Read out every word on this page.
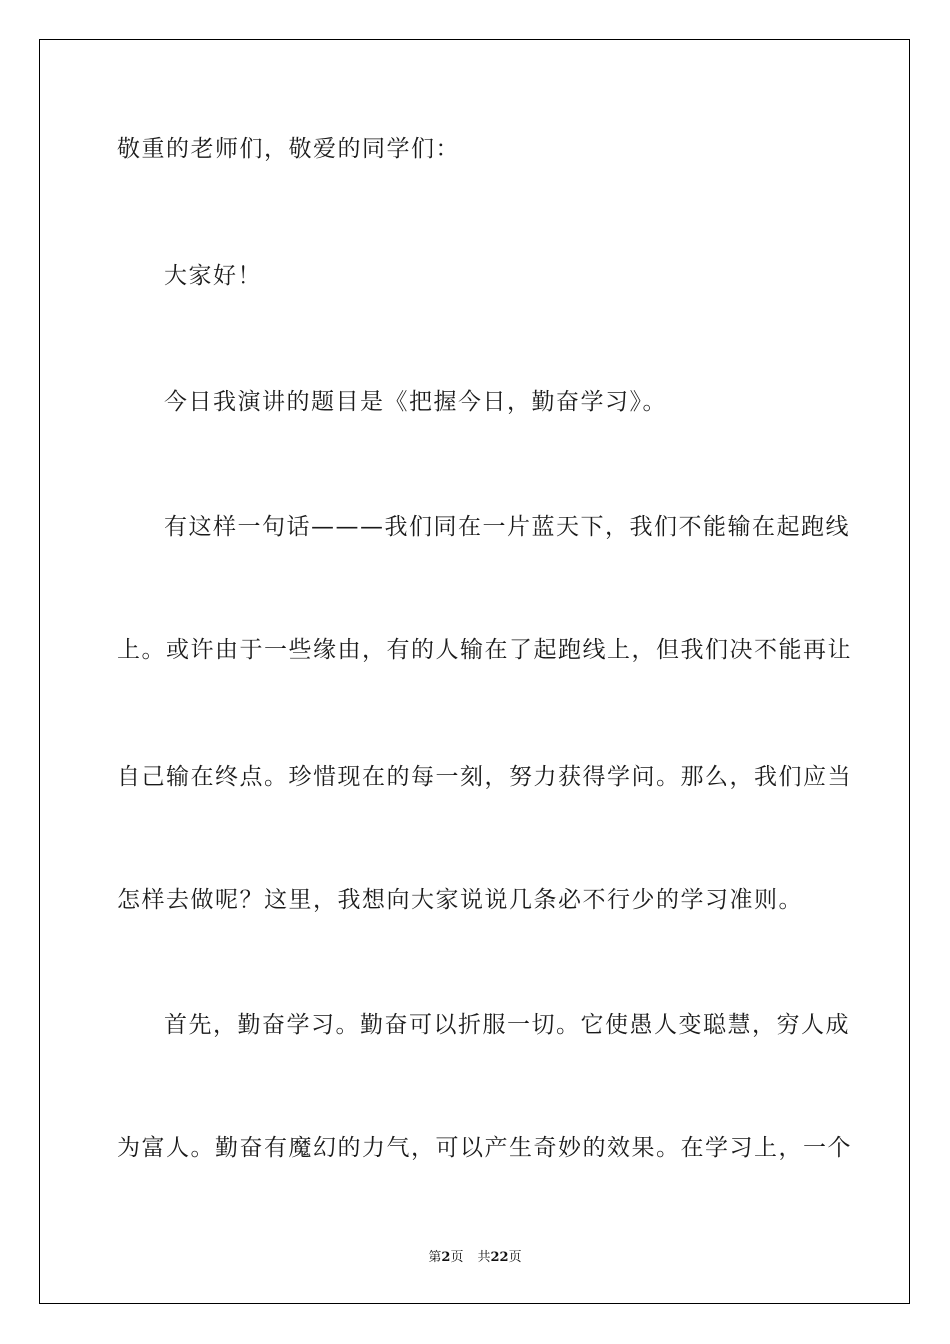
敬重的老师们，敬爱的同学们：

大家好！

今日我演讲的题目是《把握今日，勤奋学习》。

有这样一句话———我们同在一片蓝天下，我们不能输在起跑线

上。或许由于一些缘由，有的人输在了起跑线上，但我们决不能再让

自己输在终点。珍惜现在的每一刻，努力获得学问。那么，我们应当

怎样去做呢？这里，我想向大家说说几条必不行少的学习准则。

首先，勤奋学习。勤奋可以折服一切。它使愚人变聪慧，穷人成

为富人。勤奋有魔幻的力气，可以产生奇妙的效果。在学习上，一个

第2页 共22页
